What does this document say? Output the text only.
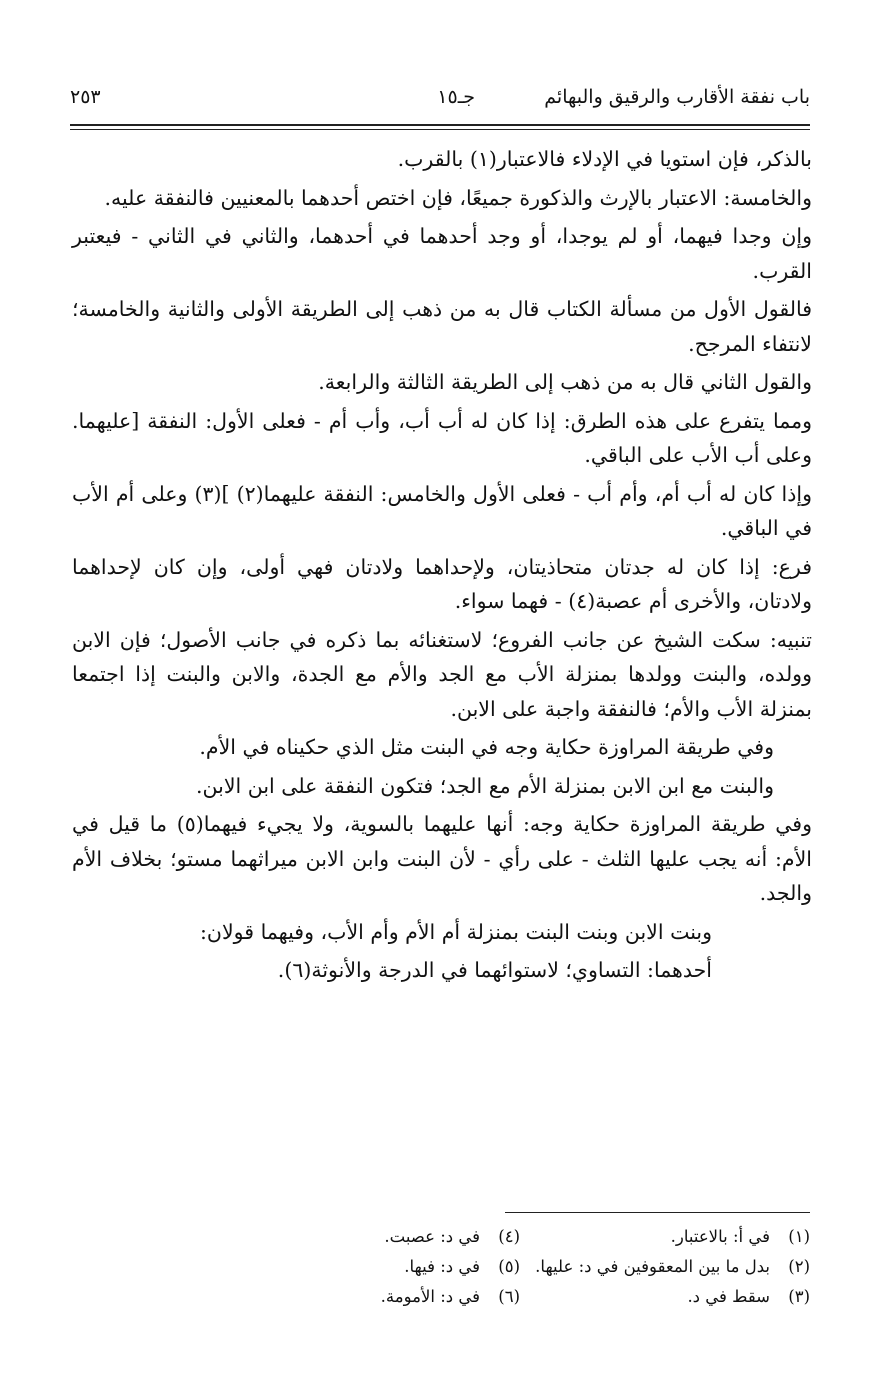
باب نفقة الأقارب والرقيق والبهائم
جـ١٥
٢٥٣

بالذكر، فإن استويا في الإدلاء فالاعتبار(١) بالقرب.

والخامسة: الاعتبار بالإرث والذكورة جميعًا، فإن اختص أحدهما بالمعنيين فالنفقة عليه.

وإن وجدا فيهما، أو لم يوجدا، أو وجد أحدهما في أحدهما، والثاني في الثاني - فيعتبر القرب.

فالقول الأول من مسألة الكتاب قال به من ذهب إلى الطريقة الأولى والثانية والخامسة؛ لانتفاء المرجح.

والقول الثاني قال به من ذهب إلى الطريقة الثالثة والرابعة.

ومما يتفرع على هذه الطرق: إذا كان له أب أب، وأب أم - فعلى الأول: النفقة [عليهما. وعلى أب الأب على الباقي.

وإذا كان له أب أم، وأم أب - فعلى الأول والخامس: النفقة عليهما(٢) ](٣) وعلى أم الأب في الباقي.

فرع: إذا كان له جدتان متحاذيتان، ولإحداهما ولادتان فهي أولى، وإن كان لإحداهما ولادتان، والأخرى أم عصبة(٤) - فهما سواء.

تنبيه: سكت الشيخ عن جانب الفروع؛ لاستغنائه بما ذكره في جانب الأصول؛ فإن الابن وولده، والبنت وولدها بمنزلة الأب مع الجد والأم مع الجدة، والابن والبنت إذا اجتمعا بمنزلة الأب والأم؛ فالنفقة واجبة على الابن.

وفي طريقة المراوزة حكاية وجه في البنت مثل الذي حكيناه في الأم.

والبنت مع ابن الابن بمنزلة الأم مع الجد؛ فتكون النفقة على ابن الابن.

وفي طريقة المراوزة حكاية وجه: أنها عليهما بالسوية، ولا يجيء فيهما(٥) ما قيل في الأم: أنه يجب عليها الثلث - على رأي - لأن البنت وابن الابن ميراثهما مستو؛ بخلاف الأم والجد.

وبنت الابن وبنت البنت بمنزلة أم الأم وأم الأب، وفيهما قولان:

أحدهما: التساوي؛ لاستوائهما في الدرجة والأنوثة(٦).

(١)في أ: بالاعتبار.
(٢)بدل ما بين المعقوفين في د: عليها.
(٣)سقط في د.
(٤)في د: عصبت.
(٥)في د: فيها.
(٦)في د: الأمومة.
